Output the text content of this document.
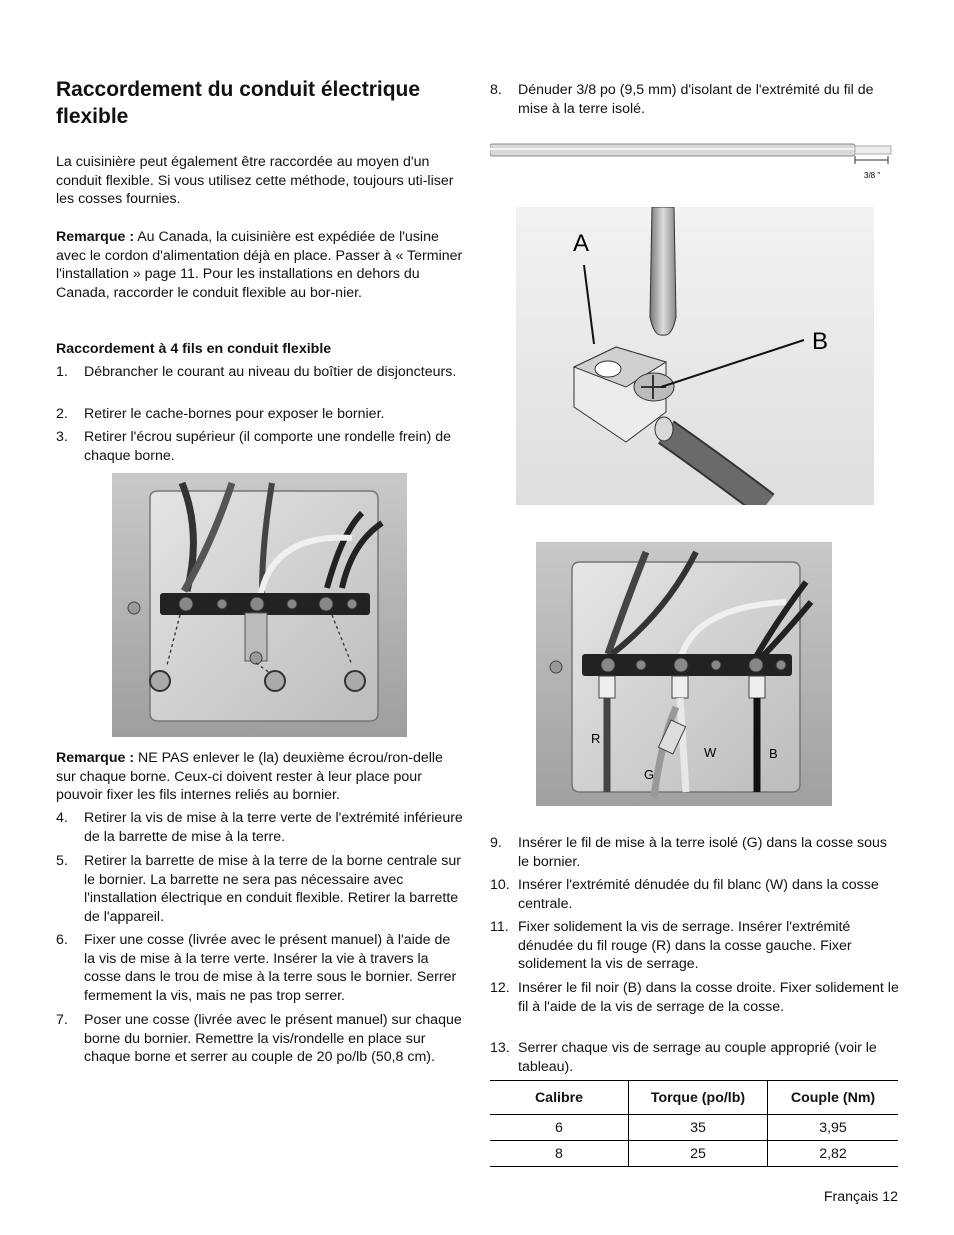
Raccordement du conduit électrique flexible

La cuisinière peut également être raccordée au moyen d'un conduit flexible. Si vous utilisez cette méthode, toujours uti-liser les cosses fournies.

Remarque : Au Canada, la cuisinière est expédiée de l'usine avec le cordon d'alimentation déjà en place. Passer à « Terminer l'installation » page 11. Pour les installations en dehors du Canada, raccorder le conduit flexible au bor-nier.

Raccordement à 4 fils en conduit flexible

1.	Débrancher le courant au niveau du boîtier de disjoncteurs.
2.	Retirer le cache-bornes pour exposer le bornier.
3.	Retirer l'écrou supérieur (il comporte une rondelle frein) de chaque borne.

Remarque : NE PAS enlever le (la) deuxième écrou/ron-delle sur chaque borne. Ceux-ci doivent rester à leur place pour pouvoir fixer les fils internes reliés au bornier.

4.	Retirer la vis de mise à la terre verte de l'extrémité inférieure de la barrette de mise à la terre.
5.	Retirer la barrette de mise à la terre de la borne centrale sur le bornier. La barrette ne sera pas nécessaire avec l'installation électrique en conduit flexible. Retirer la barrette de l'appareil.
6.	Fixer une cosse (livrée avec le présent manuel) à l'aide de la vis de mise à la terre verte. Insérer la vie à travers la cosse dans le trou de mise à la terre sous le bornier. Serrer fermement la vis, mais ne pas trop serrer.
7.	Poser une cosse (livrée avec le présent manuel) sur chaque borne du bornier. Remettre la vis/rondelle en place sur chaque borne et serrer au couple de 20 po/lb (50,8 cm).
8.	Dénuder 3/8 po (9,5 mm) d'isolant de l'extrémité du fil de mise à la terre isolé.
3/8 "
A
B
R
G
W	B
9.	Insérer le fil de mise à la terre isolé (G) dans la cosse sous le bornier.
10. Insérer l'extrémité dénudée du fil blanc (W) dans la cosse centrale.
11. Fixer solidement la vis de serrage. Insérer l'extrémité dénudée du fil rouge (R) dans la cosse gauche. Fixer solidement la vis de serrage.
12. Insérer le fil noir (B) dans la cosse droite. Fixer solidement le fil à l'aide de la vis de serrage de la cosse.
13. Serrer chaque vis de serrage au couple approprié (voir le tableau).
Calibre	Torque (po/lb)	Couple (Nm)
6	35	3,95
8	25	2,82
Français 12
